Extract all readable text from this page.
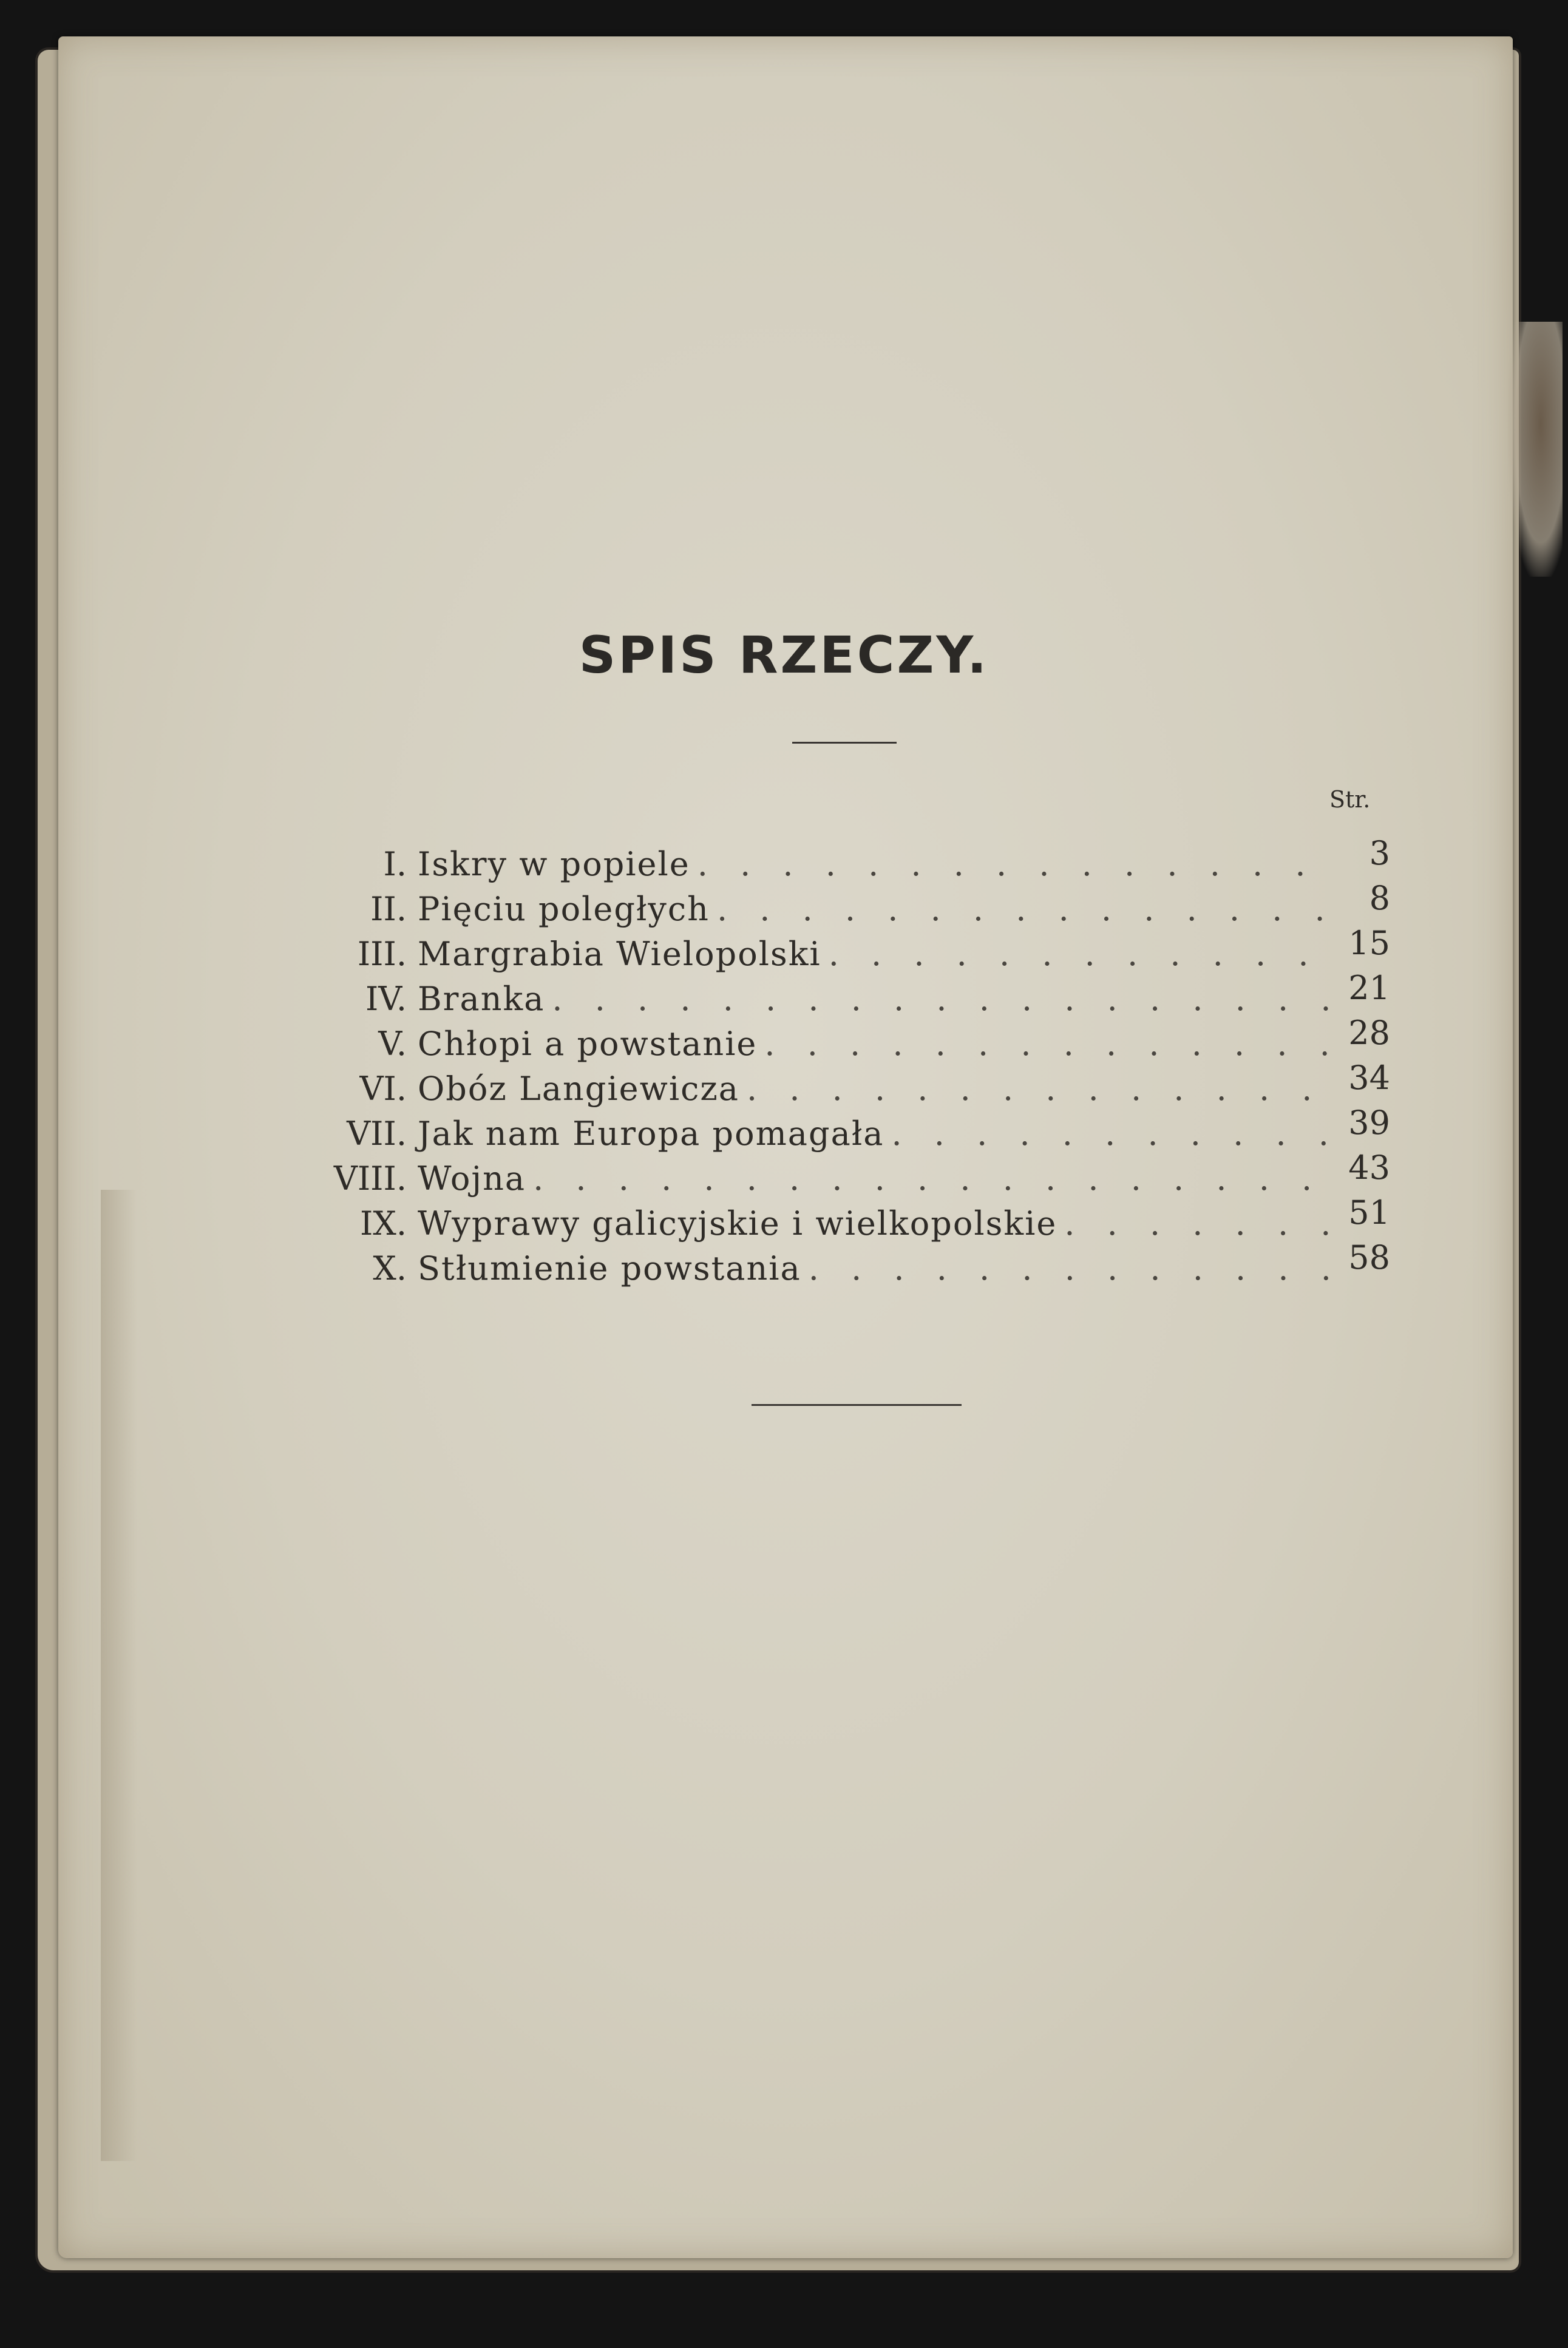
SPIS RZECZY.
Str.
I. Iskry w popiele . . .	3
II. Pięciu poległych . . .	8
III. Margrabia Wielopolski . . .	15
IV. Branka . . .	21
V. Chłopi a powstanie . . .	28
VI. Obóz Langiewicza . . .	34
VII. Jak nam Europa pomagała . . .	39
VIII. Wojna . . .	43
IX. Wyprawy galicyjskie i wielkopolskie . . .	51
X. Stłumienie powstania . . .	58
